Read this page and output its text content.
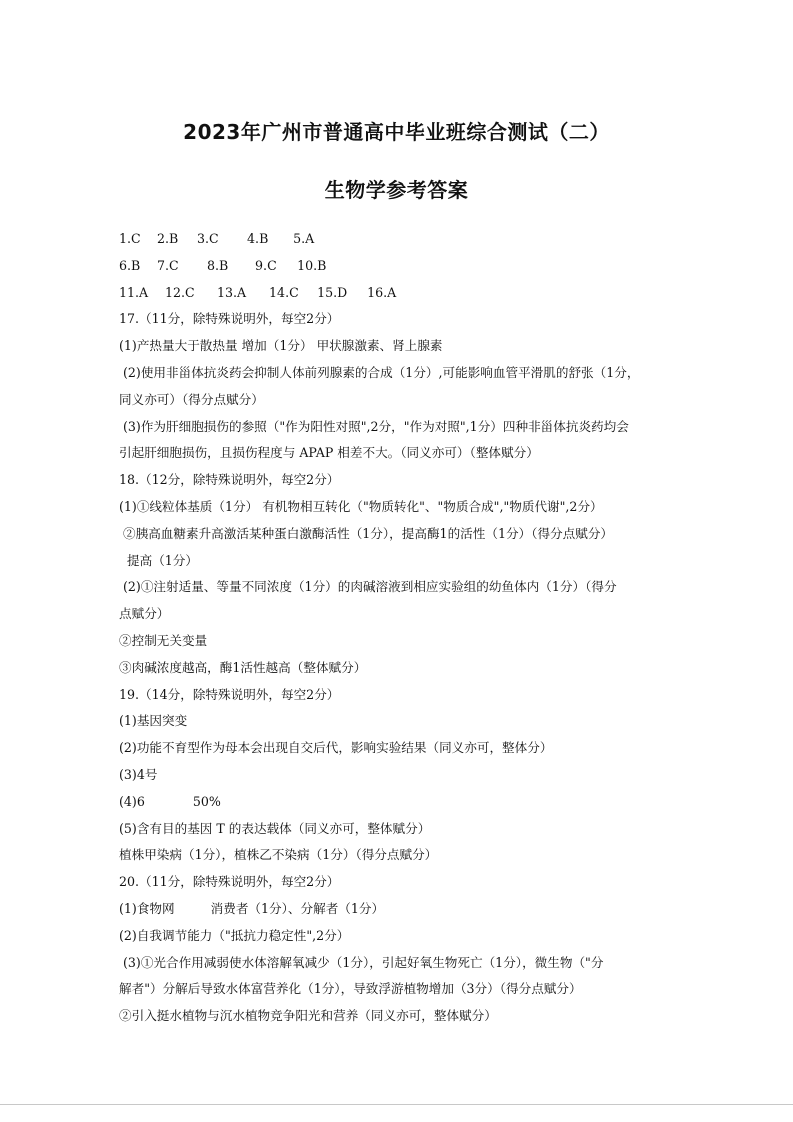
2023年广州市普通高中毕业班综合测试（二）
生物学参考答案
1.C 2.B 3.C 4.B 5.A
6.B 7.C 8.B 9.C 10.B
11.A 12.C 13.A 14.C 15.D 16.A
17.（11分，除特殊说明外，每空2分）
(1)产热量大于散热量 增加（1分） 甲状腺激素、肾上腺素
(2)使用非甾体抗炎药会抑制人体前列腺素的合成（1分）,可能影响血管平滑肌的舒张（1分，
同义亦可）（得分点赋分）
(3)作为肝细胞损伤的参照（"作为阳性对照",2分，"作为对照",1分）四种非甾体抗炎药均会
引起肝细胞损伤，且损伤程度与 APAP 相差不大。（同义亦可）（整体赋分）
18.（12分，除特殊说明外，每空2分）
(1)①线粒体基质（1分） 有机物相互转化（"物质转化"、"物质合成","物质代谢",2分）
②胰高血糖素升高激活某种蛋白激酶活性（1分），提高酶1的活性（1分）（得分点赋分）
提高（1分）
(2)①注射适量、等量不同浓度（1分）的肉碱溶液到相应实验组的幼鱼体内（1分）（得分
点赋分）
②控制无关变量
③肉碱浓度越高，酶1活性越高（整体赋分）
19.（14分，除特殊说明外，每空2分）
(1)基因突变
(2)功能不育型作为母本会出现自交后代，影响实验结果（同义亦可，整体分）
(3)4号
(4)6            50%
(5)含有目的基因 T 的表达载体（同义亦可，整体赋分）
植株甲染病（1分），植株乙不染病（1分）（得分点赋分）
20.（11分，除特殊说明外，每空2分）
(1)食物网         消费者（1分）、分解者（1分）
(2)自我调节能力（"抵抗力稳定性",2分）
(3)①光合作用减弱使水体溶解氧减少（1分），引起好氧生物死亡（1分），微生物（"分
解者"）分解后导致水体富营养化（1分），导致浮游植物增加（3分）（得分点赋分）
②引入挺水植物与沉水植物竞争阳光和营养（同义亦可，整体赋分）
